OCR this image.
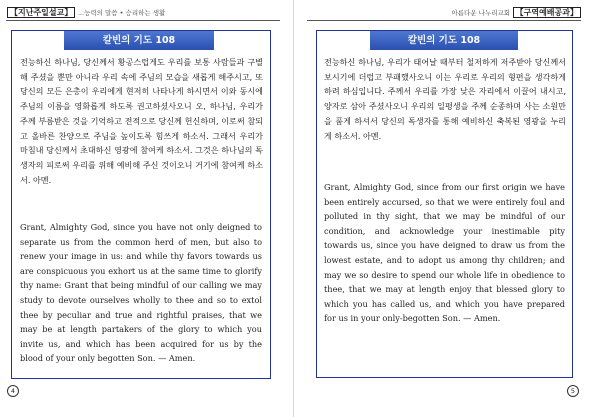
【지난주일설교】 ...능력의 말씀 • 승리하는 생활
칼빈의 기도 108
전능하신 하나님, 당신께서 황공스럽게도 우리를 보통 사람들과 구별해 주셨을 뿐만 아니라 우리 속에 주님의 모습을 새롭게 해주시고, 또 당신의 모든 은총이 우리에게 현저히 나타나게 하시면서 이와 동시에 주님의 이름을 영화롭게 하도록 권고하셨사오니 오, 하나님, 우리가 주께 부름받은 것을 기억하고 전적으로 당신께 헌신하며, 이로써 참되고 올바른 찬양으로 주님을 높이도록 힘쓰게 하소서. 그래서 우리가 마침내 당신께서 초대하신 영광에 참여케 하소서. 그것은 하나님의 독생자의 피로써 우리를 위해 예비해 주신 것이오니 거기에 참여케 하소서. 아멘.
Grant, Almighty God, since you have not only deigned to separate us from the common herd of men, but also to renew your image in us: and while thy favors towards us are conspicuous you exhort us at the same time to glorify thy name: Grant that being mindful of our calling we may study to devote ourselves wholly to thee and so to extol thee by peculiar and true and rightful praises, that we may be at length partakers of the glory to which you invite us, and which has been acquired for us by the blood of your only begotten Son. — Amen.
4
아름다운 나누리교회 【구역예배공과】
칼빈의 기도 108
전능하신 하나님, 우리가 태어날 때부터 철저하게 저주받아 당신께서 보시기에 더럽고 부패했사오니 이는 우리로 우리의 형편을 생각하게 하려 하심입니다. 주께서 우리를 가장 낮은 자리에서 이끌어 내시고, 양자로 삼아 주셨사오니 우리의 일평생을 주께 순종하며 사는 소원만을 품게 하셔서 당신의 독생자를 통해 예비하신 축복된 영광을 누리게 하소서. 아멘.
Grant, Almighty God, since from our first origin we have been entirely accursed, so that we were entirely foul and polluted in thy sight, that we may be mindful of our condition, and acknowledge your inestimable pity towards us, since you have deigned to draw us from the lowest estate, and to adopt us among thy children; and may we so desire to spend our whole life in obedience to thee, that we may at length enjoy that blessed glory to which you has called us, and which you have prepared for us in your only-begotten Son. — Amen.
5
